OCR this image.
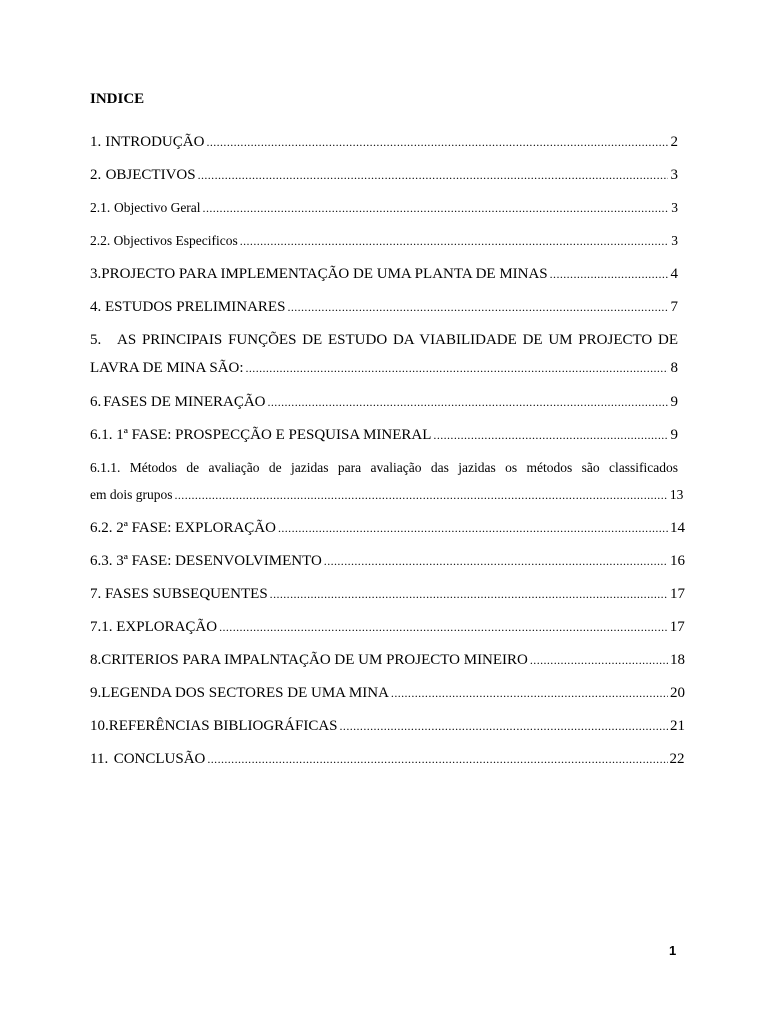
INDICE
1. INTRODUÇÃO .....	2
2. OBJECTIVOS .....	3
2.1. Objectivo Geral .....	3
2.2. Objectivos Especificos .....	3
3. PROJECTO PARA IMPLEMENTAÇÃO DE UMA PLANTA DE MINAS .....	4
4. ESTUDOS PRELIMINARES .....	7
5. AS PRINCIPAIS FUNÇÕES DE ESTUDO DA VIABILIDADE DE UM PROJECTO DE
LAVRA DE MINA SÃO: .....	8
6. FASES DE MINERAÇÃO .....	9
6.1. 1ª FASE: PROSPECÇÃO E PESQUISA MINERAL .....	9
6.1.1. Métodos de avaliação de jazidas para avaliação das jazidas os métodos são classificados
em dois grupos .....	13
6.2. 2ª FASE: EXPLORAÇÃO .....	14
6.3. 3ª FASE: DESENVOLVIMENTO .....	16
7. FASES SUBSEQUENTES .....	17
7.1. EXPLORAÇÃO .....	17
8. CRITERIOS PARA IMPALNTAÇÃO DE UM PROJECTO MINEIRO .....	18
9. LEGENDA DOS SECTORES DE UMA MINA .....	20
10. REFERÊNCIAS BIBLIOGRÁFICAS .....	21
11. CONCLUSÃO .....	22
1
